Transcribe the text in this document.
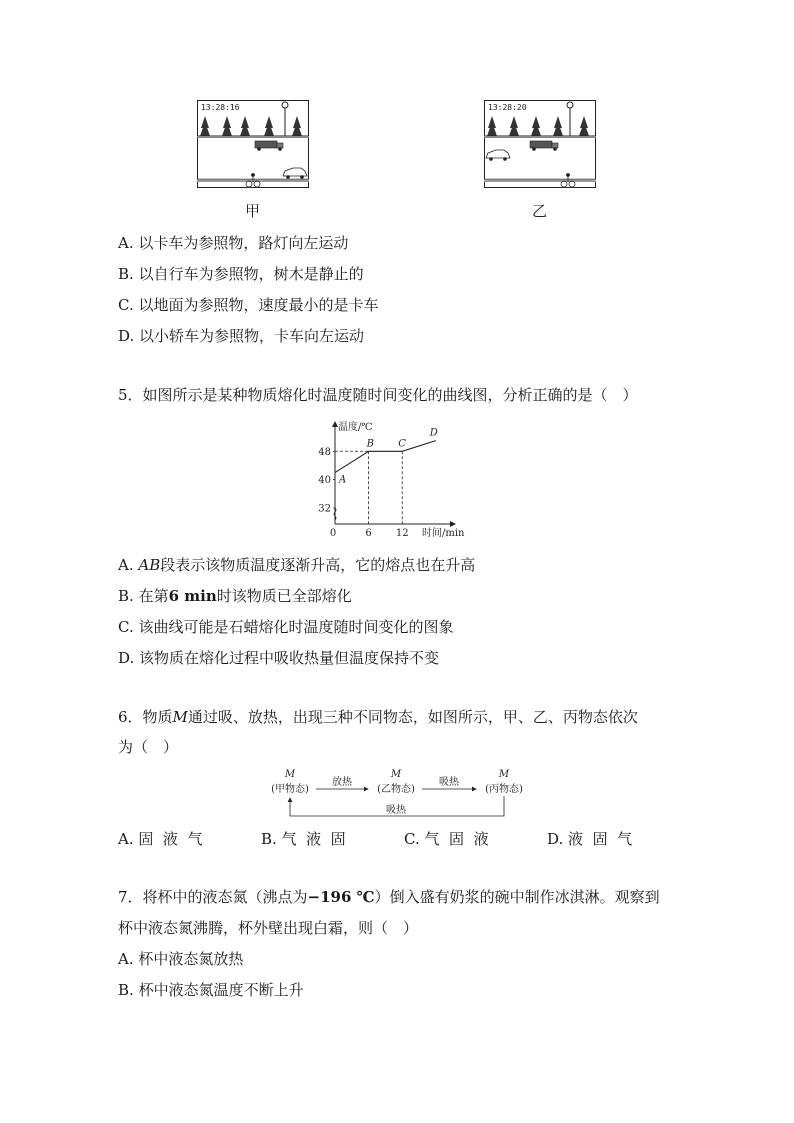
13:28:16
甲
13:28:20
乙
A. 以卡车为参照物，路灯向左运动
B. 以自行车为参照物，树木是静止的
C. 以地面为参照物，速度最小的是卡车
D. 以小轿车为参照物，卡车向左运动
5．如图所示是某种物质熔化时温度随时间变化的曲线图，分析正确的是（　）
温度/℃
时间/min
32
40
48
0	6 12
A
B C
D
A. AB段表示该物质温度逐渐升高，它的熔点也在升高
B. 在第6 min时该物质已全部熔化
C. 该曲线可能是石蜡熔化时温度随时间变化的图象
D. 该物质在熔化过程中吸收热量但温度保持不变
6．物质M通过吸、放热，出现三种不同物态，如图所示，甲、乙、丙物态依次
为（　）
M
(甲物态)
M
(乙物态)
M
(丙物态)
放热	吸热
吸热
A. 固  液  气	B. 气  液  固	C. 气  固  液	D. 液  固  气
7．将杯中的液态氮（沸点为−196 ℃）倒入盛有奶浆的碗中制作冰淇淋。观察到
杯中液态氮沸腾，杯外壁出现白霜，则（　）
A. 杯中液态氮放热
B. 杯中液态氮温度不断上升
